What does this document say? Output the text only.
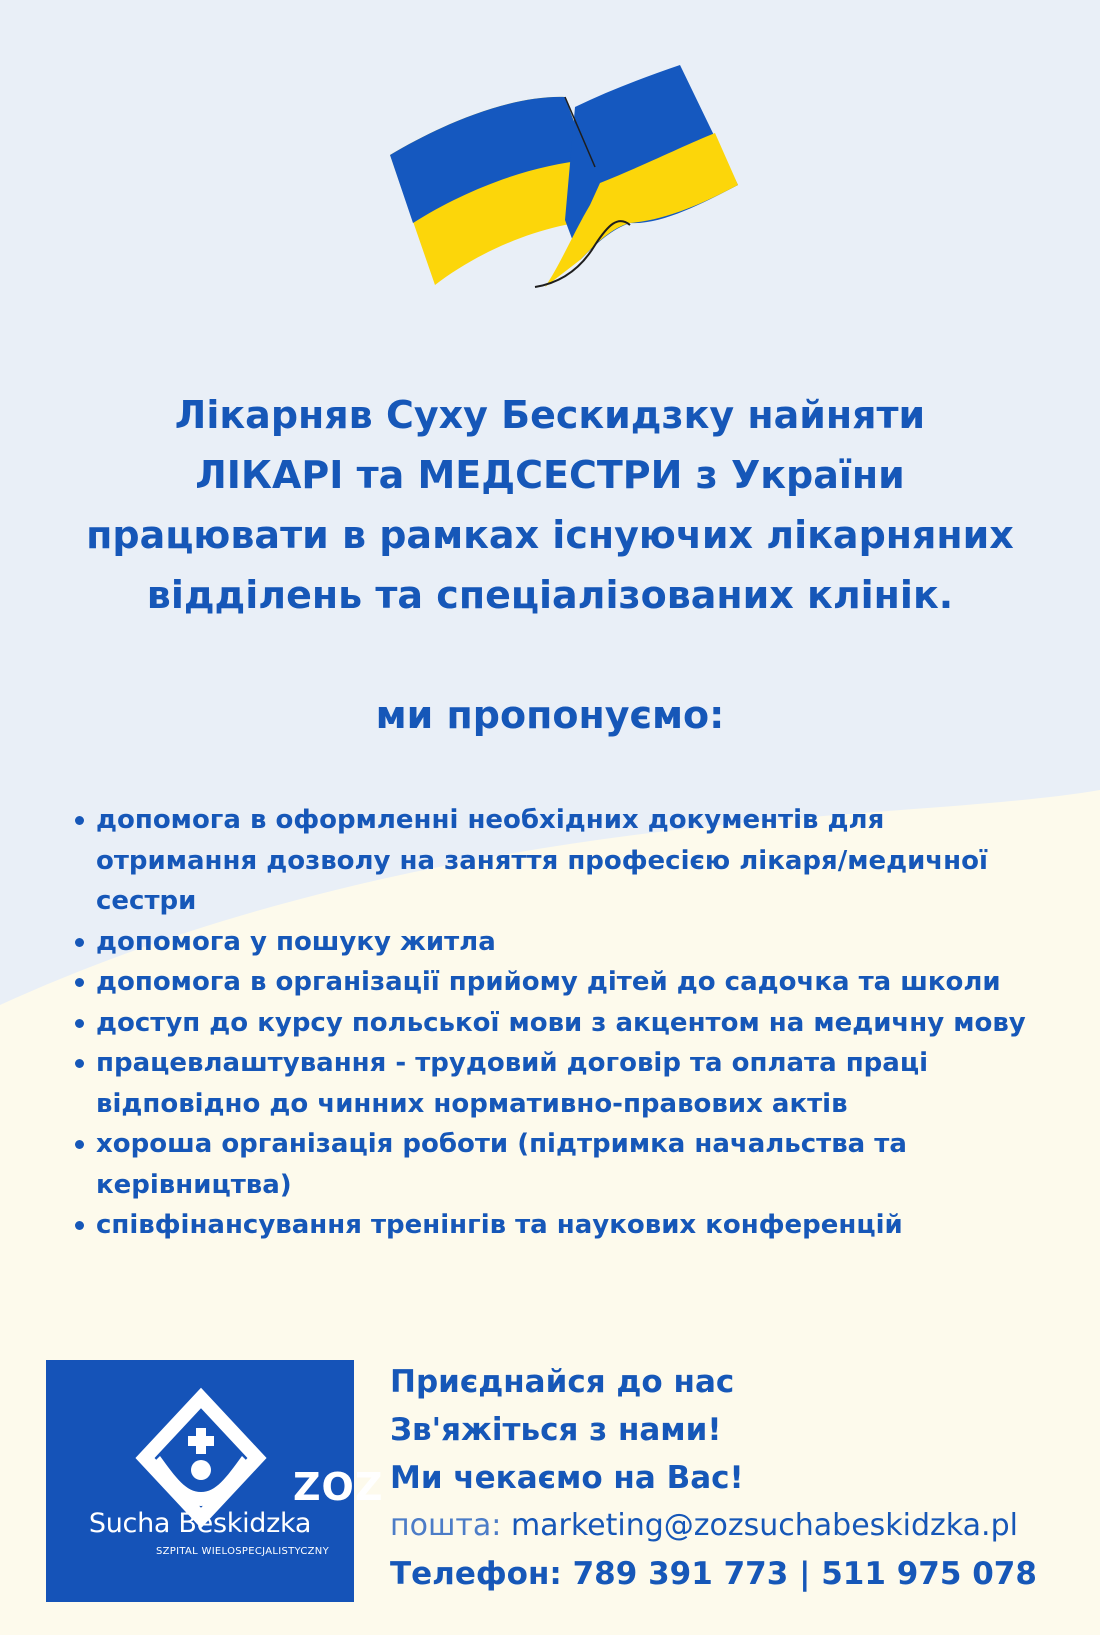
Лікарняв Суху Бескидзку найняти
ЛІКАРІ та МЕДСЕСТРИ з України
працювати в рамках існуючих лікарняних
відділень та спеціалізованих клінік.
ми пропонуємо:
допомога в оформленні необхідних документів для
отримання дозволу на заняття професією лікаря/медичної
сестри
допомога у пошуку житла
допомога в організації прийому дітей до садочка та школи
доступ до курсу польської мови з акцентом на медичну мову
працевлаштування - трудовий договір та оплата праці
відповідно до чинних нормативно-правових актів
хороша організація роботи (підтримка начальства та
керівництва)
співфінансування тренінгів та наукових конференцій
ZOZ
Sucha Beskidzka
SZPITAL WIELOSPECJALISTYCZNY
Приєднайся до нас
Зв'яжіться з нами!
Ми чекаємо на Вас!
пошта: marketing@zozsuchabeskidzka.pl
Телефон: 789 391 773 | 511 975 078
